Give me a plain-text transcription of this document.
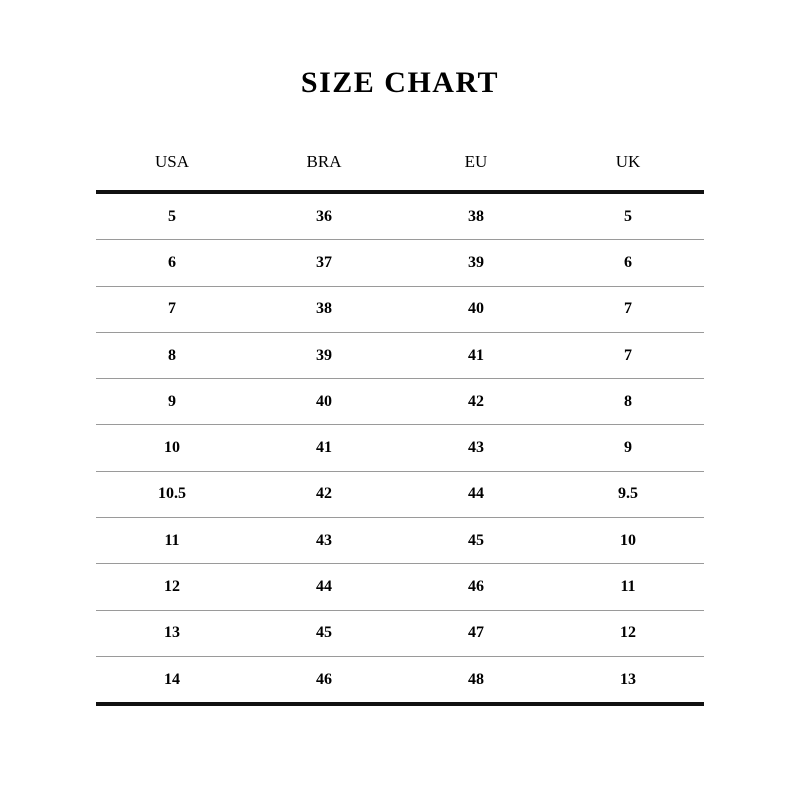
SIZE CHART
USA	BRA	EU	UK
5	36	38	5
6	37	39	6
7	38	40	7
8	39	41	7
9	40	42	8
10	41	43	9
10.5	42	44	9.5
11	43	45	10
12	44	46	11
13	45	47	12
14	46	48	13
